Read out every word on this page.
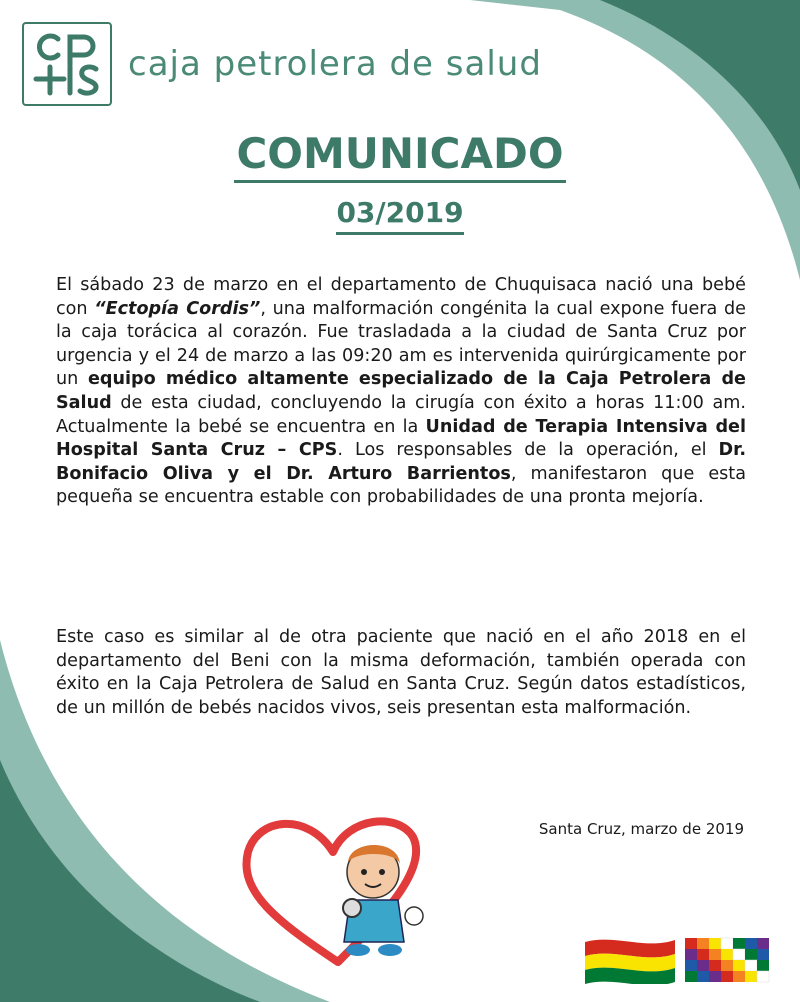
caja petrolera de salud
COMUNICADO
03/2019
El sábado 23 de marzo en el departamento de Chuquisaca nació una bebé con “Ectopía Cordis”, una malformación congénita la cual expone fuera de la caja torácica al corazón. Fue trasladada a la ciudad de Santa Cruz por urgencia y el 24 de marzo a las 09:20 am es intervenida quirúrgicamente por un equipo médico altamente especializado de la Caja Petrolera de Salud de esta ciudad, concluyendo la cirugía con éxito a horas 11:00 am. Actualmente la bebé se encuentra en la Unidad de Terapia Intensiva del Hospital Santa Cruz – CPS. Los responsables de la operación, el Dr. Bonifacio Oliva y el Dr. Arturo Barrientos, manifestaron que esta pequeña se encuentra estable con probabilidades de una pronta mejoría.
Este caso es similar al de otra paciente que nació en el año 2018 en el departamento del Beni con la misma deformación, también operada con éxito en la Caja Petrolera de Salud en Santa Cruz. Según datos estadísticos, de un millón de bebés nacidos vivos, seis presentan esta malformación.
Santa Cruz, marzo de 2019
